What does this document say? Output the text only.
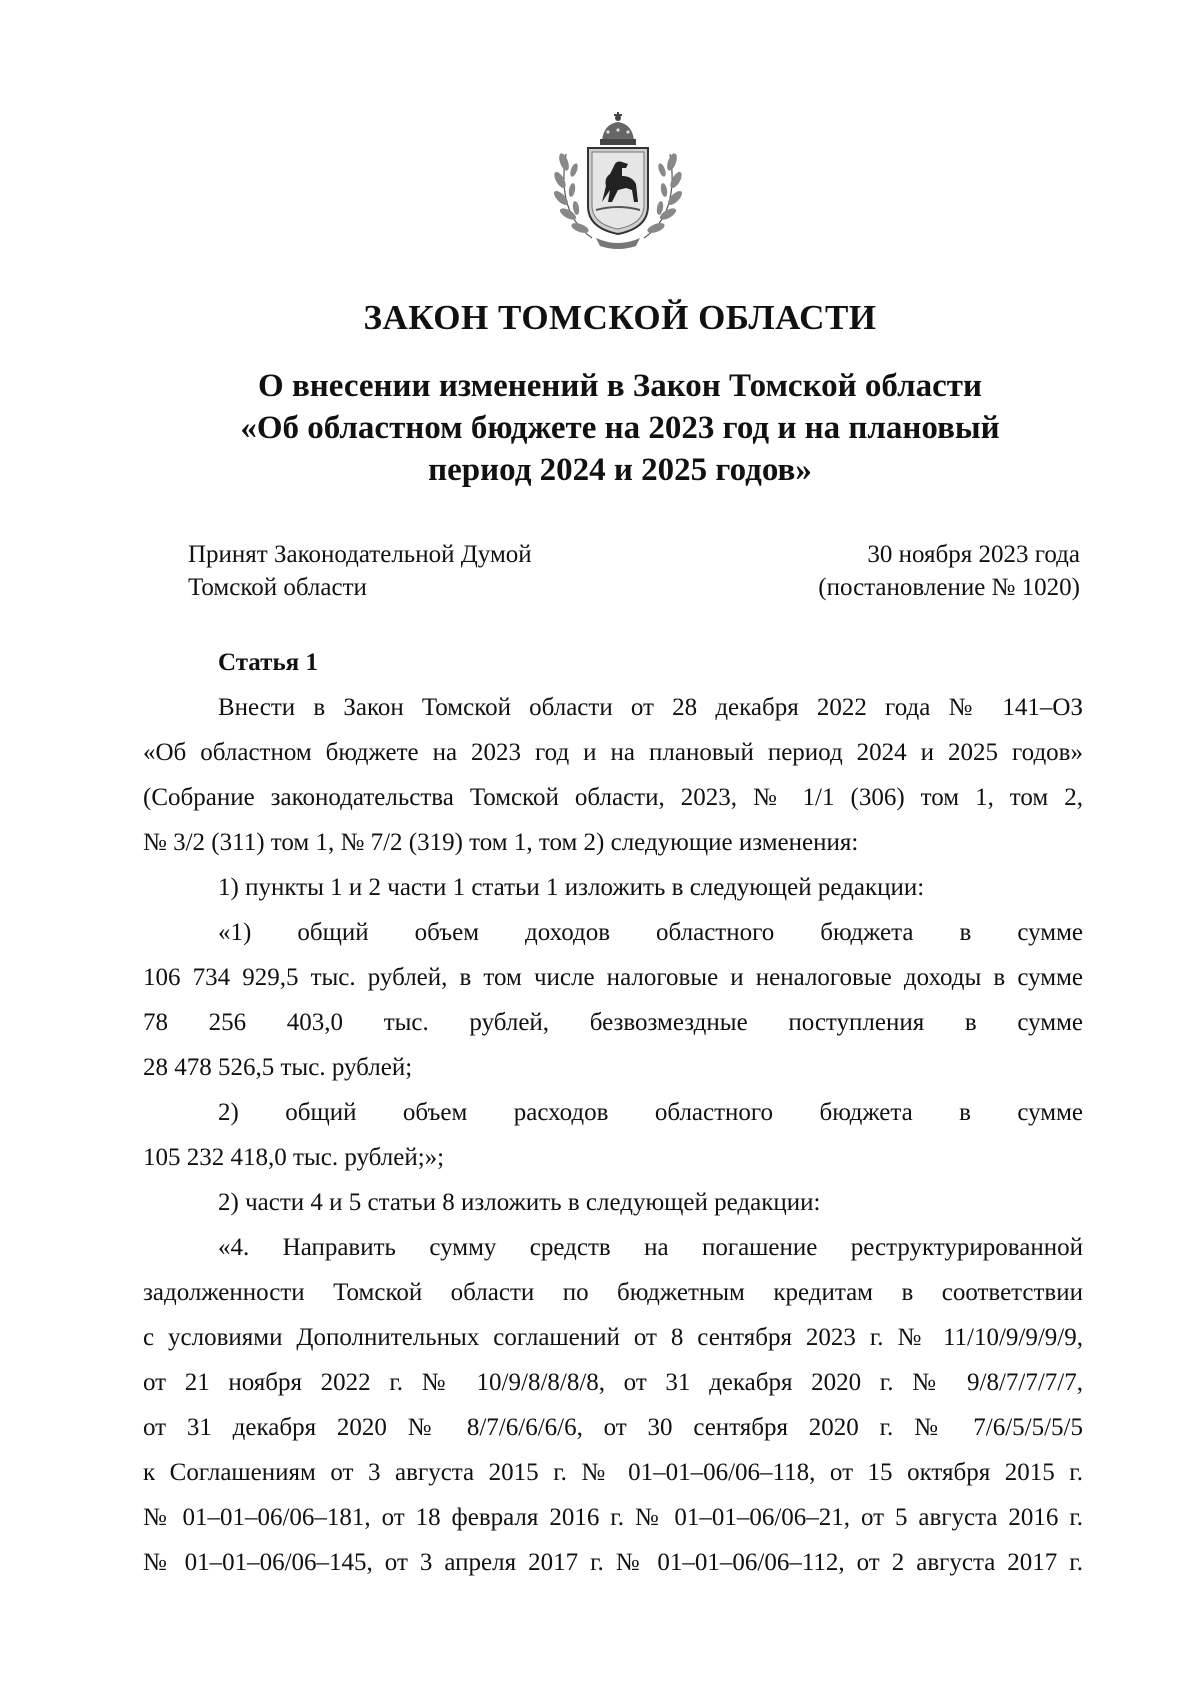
ЗАКОН ТОМСКОЙ ОБЛАСТИ
О внесении изменений в Закон Томской области
«Об областном бюджете на 2023 год и на плановый
период 2024 и 2025 годов»
Принят Законодательной Думой
Томской области
30 ноября 2023 года
(постановление № 1020)
Статья 1
Внести в Закон Томской области от 28 декабря 2022 года № 141–ОЗ
«Об областном бюджете на 2023 год и на плановый период 2024 и 2025 годов»
(Собрание законодательства Томской области, 2023, № 1/1 (306) том 1, том 2,
№ 3/2 (311) том 1, № 7/2 (319) том 1, том 2) следующие изменения:
1) пункты 1 и 2 части 1 статьи 1 изложить в следующей редакции:
«1) общий объем доходов областного бюджета в сумме
106 734 929,5 тыс. рублей, в том числе налоговые и неналоговые доходы в сумме
78 256 403,0 тыс. рублей, безвозмездные поступления в сумме
28 478 526,5 тыс. рублей;
2) общий объем расходов областного бюджета в сумме
105 232 418,0 тыс. рублей;»;
2) части 4 и 5 статьи 8 изложить в следующей редакции:
«4. Направить сумму средств на погашение реструктурированной
задолженности Томской области по бюджетным кредитам в соответствии
с условиями Дополнительных соглашений от 8 сентября 2023 г. № 11/10/9/9/9/9,
от 21 ноября 2022 г. № 10/9/8/8/8/8, от 31 декабря 2020 г. № 9/8/7/7/7/7,
от 31 декабря 2020 № 8/7/6/6/6/6, от 30 сентября 2020 г. № 7/6/5/5/5/5
к Соглашениям от 3 августа 2015 г. № 01–01–06/06–118, от 15 октября 2015 г.
№ 01–01–06/06–181, от 18 февраля 2016 г. № 01–01–06/06–21, от 5 августа 2016 г.
№ 01–01–06/06–145, от 3 апреля 2017 г. № 01–01–06/06–112, от 2 августа 2017 г.
